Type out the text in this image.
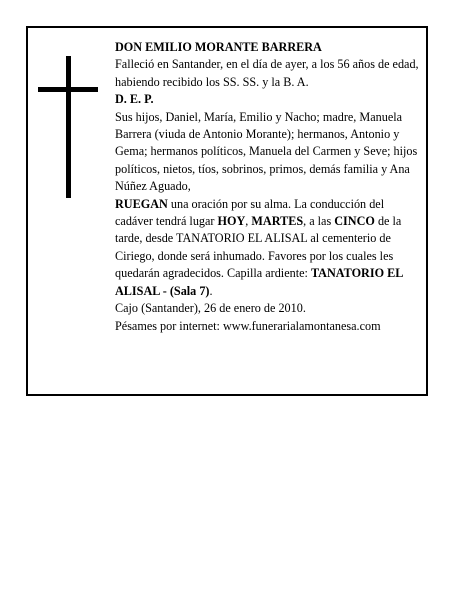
DON EMILIO MORANTE BARRERA

Falleció en Santander, en el día de ayer, a los 56 años de edad, habiendo recibido los SS. SS. y la B. A.

D. E. P.

Sus hijos, Daniel, María, Emilio y Nacho; madre, Manuela Barrera (viuda de Antonio Morante); hermanos, Antonio y Gema; hermanos políticos, Manuela del Carmen y Seve; hijos políticos, nietos, tíos, sobrinos, primos, demás familia y Ana Núñez Aguado,

RUEGAN una oración por su alma. La conducción del cadáver tendrá lugar HOY, MARTES, a las CINCO de la tarde, desde TANATORIO EL ALISAL al cementerio de Ciriego, donde será inhumado. Favores por los cuales les quedarán agradecidos. Capilla ardiente: TANATORIO EL ALISAL - (Sala 7).

Cajo (Santander), 26 de enero de 2010.

Pésames por internet: www.funerarialamontanesa.com
